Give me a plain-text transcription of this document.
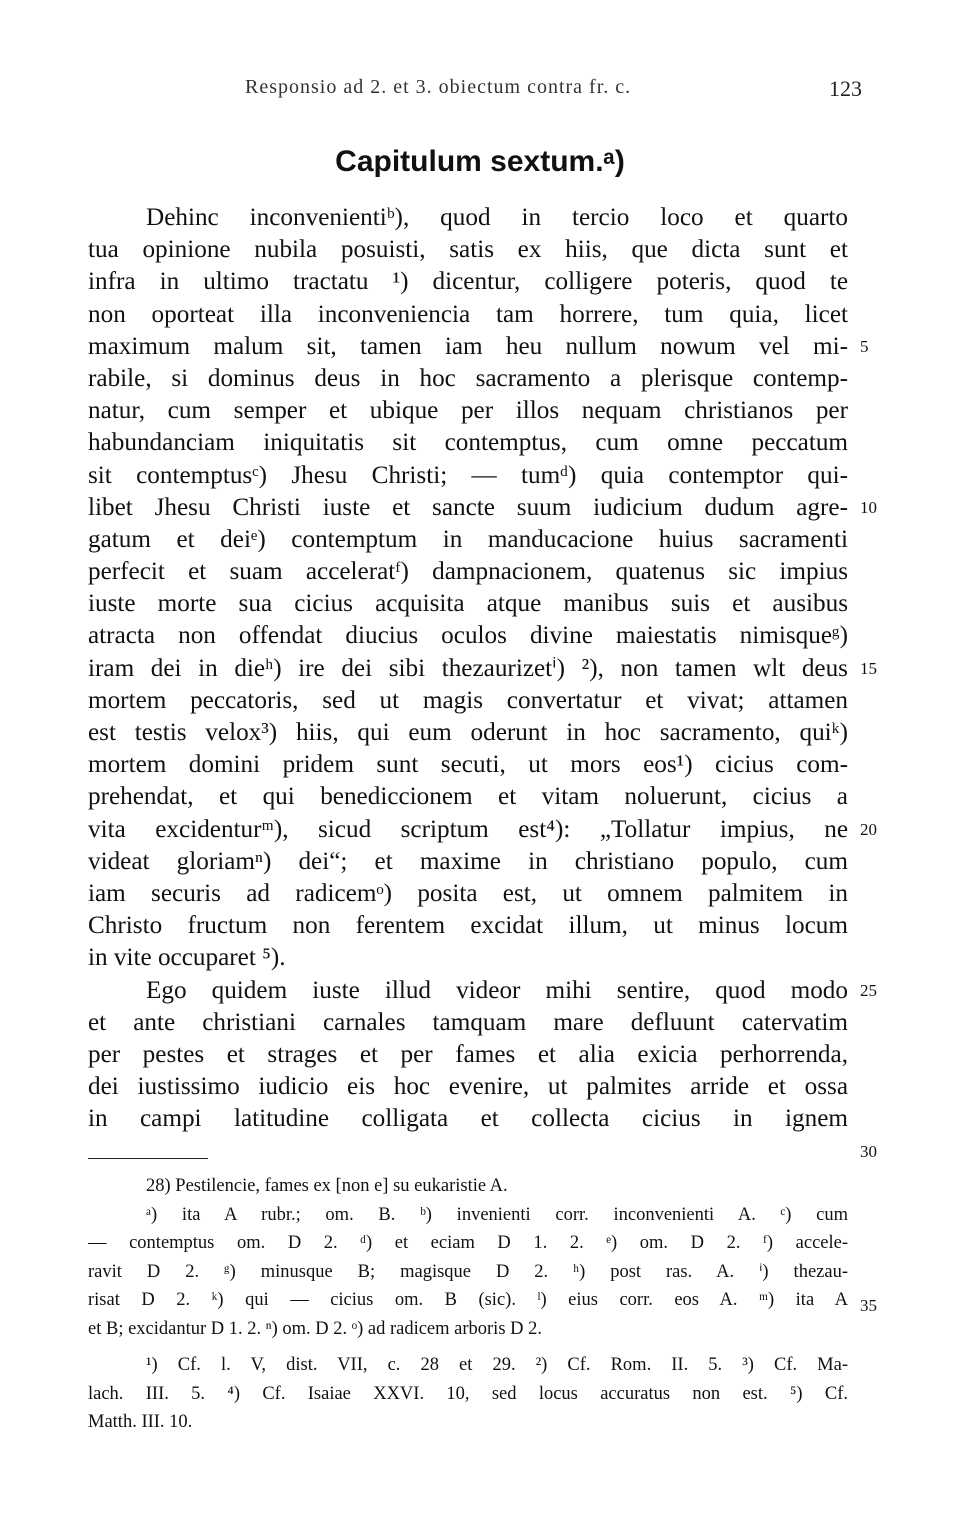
Responsio ad 2. et 3. obiectum contra fr. c.	123
Capitulum sextum.ᵃ)
Dehinc inconvenientiᵇ), quod in tercio loco et quarto
tua opinione nubila posuisti, satis ex hiis, que dicta sunt et
infra in ultimo tractatu ¹) dicentur, colligere poteris, quod te
non oporteat illa inconveniencia tam horrere, tum quia, licet
maximum malum sit, tamen iam heu nullum nowum vel mi-
rabile, si dominus deus in hoc sacramento a plerisque contemp-
natur, cum semper et ubique per illos nequam christianos per
habundanciam iniquitatis sit contemptus, cum omne peccatum
sit contemptusᶜ) Jhesu Christi; — tumᵈ) quia contemptor qui-
libet Jhesu Christi iuste et sancte suum iudicium dudum agre-
gatum et deiᵉ) contemptum in manducacione huius sacramenti
perfecit et suam acceleratᶠ) dampnacionem, quatenus sic impius
iuste morte sua cicius acquisita atque manibus suis et ausibus
atracta non offendat diucius oculos divine maiestatis nimisqueᵍ)
iram dei in dieʰ) ire dei sibi thezaurizetⁱ) ²), non tamen wlt deus
mortem peccatoris, sed ut magis convertatur et vivat; attamen
est testis velox³) hiis, qui eum oderunt in hoc sacramento, quiᵏ)
mortem domini pridem sunt secuti, ut mors eos¹) cicius com-
prehendat, et qui benediccionem et vitam noluerunt, cicius a
vita excidenturᵐ), sicud scriptum est⁴): „Tollatur impius, ne
videat gloriamⁿ) dei“; et maxime in christiano populo, cum
iam securis ad radicemᵒ) posita est, ut omnem palmitem in
Christo fructum non ferentem excidat illum, ut minus locum
in vite occuparet ⁵).
Ego quidem iuste illud videor mihi sentire, quod modo
et ante christiani carnales tamquam mare defluunt catervatim
per pestes et strages et per fames et alia exicia perhorrenda,
dei iustissimo iudicio eis hoc evenire, ut palmites arride et ossa
in campi latitudine colligata et collecta cicius in ignem
5
10
15
20
25
30
28) Pestilencie, fames ex [non e] su eukaristie A.
ᵃ) ita A rubr.; om. B. ᵇ) invenienti corr. inconvenienti A. ᶜ) cum
— contemptus om. D 2. ᵈ) et eciam D 1. 2. ᵉ) om. D 2. ᶠ) accele-
ravit D 2. ᵍ) minusque B; magisque D 2. ʰ) post ras. A. ⁱ) thezau-
risat D 2. ᵏ) qui — cicius om. B (sic). ˡ) eius corr. eos A. ᵐ) ita A
et B; excidantur D 1. 2. ⁿ) om. D 2. ᵒ) ad radicem arboris D 2.
35
¹) Cf. l. V, dist. VII, c. 28 et 29. ²) Cf. Rom. II. 5. ³) Cf. Ma-
lach. III. 5. ⁴) Cf. Isaiae XXVI. 10, sed locus accuratus non est. ⁵) Cf.
Matth. III. 10.
